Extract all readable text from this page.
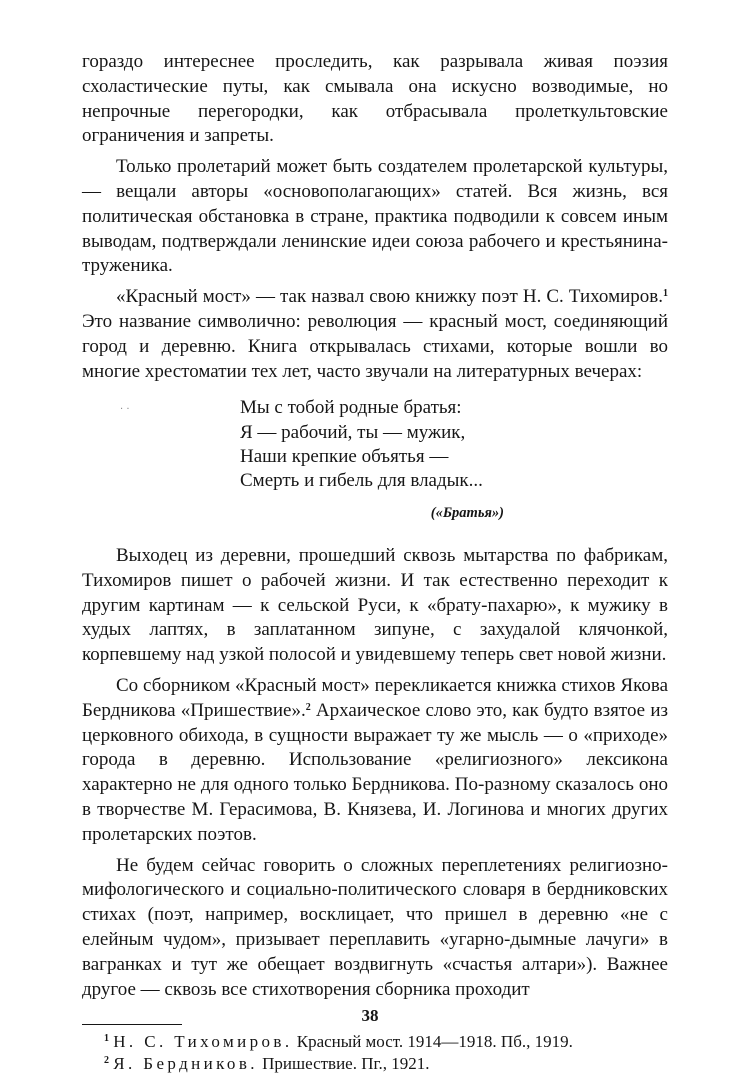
· ·

гораздо интереснее проследить, как разрывала живая поэзия схоластические путы, как смывала она искусно возводимые, но непрочные перегородки, как отбрасывала пролеткультовские ограничения и запреты.

Только пролетарий может быть создателем пролетарской культуры, — вещали авторы «основополагающих» статей. Вся жизнь, вся политическая обстановка в стране, практика подводили к совсем иным выводам, подтверждали ленинские идеи союза рабочего и крестьянина-труженика.

«Красный мост» — так назвал свою книжку поэт Н. С. Тихомиров.$^1$ Это название символично: революция — красный мост, соединяющий город и деревню. Книга открывалась стихами, которые вошли во многие хрестоматии тех лет, часто звучали на литературных вечерах:

Мы с тобой родные братья:
Я — рабочий, ты — мужик,
Наши крепкие объятья —
Смерть и гибель для владык...
(«Братья»)

Выходец из деревни, прошедший сквозь мытарства по фабрикам, Тихомиров пишет о рабочей жизни. И так естественно переходит к другим картинам — к сельской Руси, к «брату-пахарю», к мужику в худых лаптях, в заплатанном зипуне, с захудалой клячонкой, корпевшему над узкой полосой и увидевшему теперь свет новой жизни.

Со сборником «Красный мост» перекликается книжка стихов Якова Бердникова «Пришествие».$^2$ Архаическое слово это, как будто взятое из церковного обихода, в сущности выражает ту же мысль — о «приходе» города в деревню. Использование «религиозного» лексикона характерно не для одного только Бердникова. По-разному сказалось оно в творчестве М. Герасимова, В. Князева, И. Логинова и многих других пролетарских поэтов.

Не будем сейчас говорить о сложных переплетениях религиозно-мифологического и социально-политического словаря в бердниковских стихах (поэт, например, восклицает, что пришел в деревню «не с елейным чудом», призывает переплавить «угарно-дымные лачуги» в вагранках и тут же обещает воздвигнуть «счастья алтари»). Важнее другое — сквозь все стихотворения сборника проходит

$^1$ Н. С. Тихомиров. Красный мост. 1914—1918. Пб., 1919.
$^2$ Я. Бердников. Пришествие. Пг., 1921.
38
